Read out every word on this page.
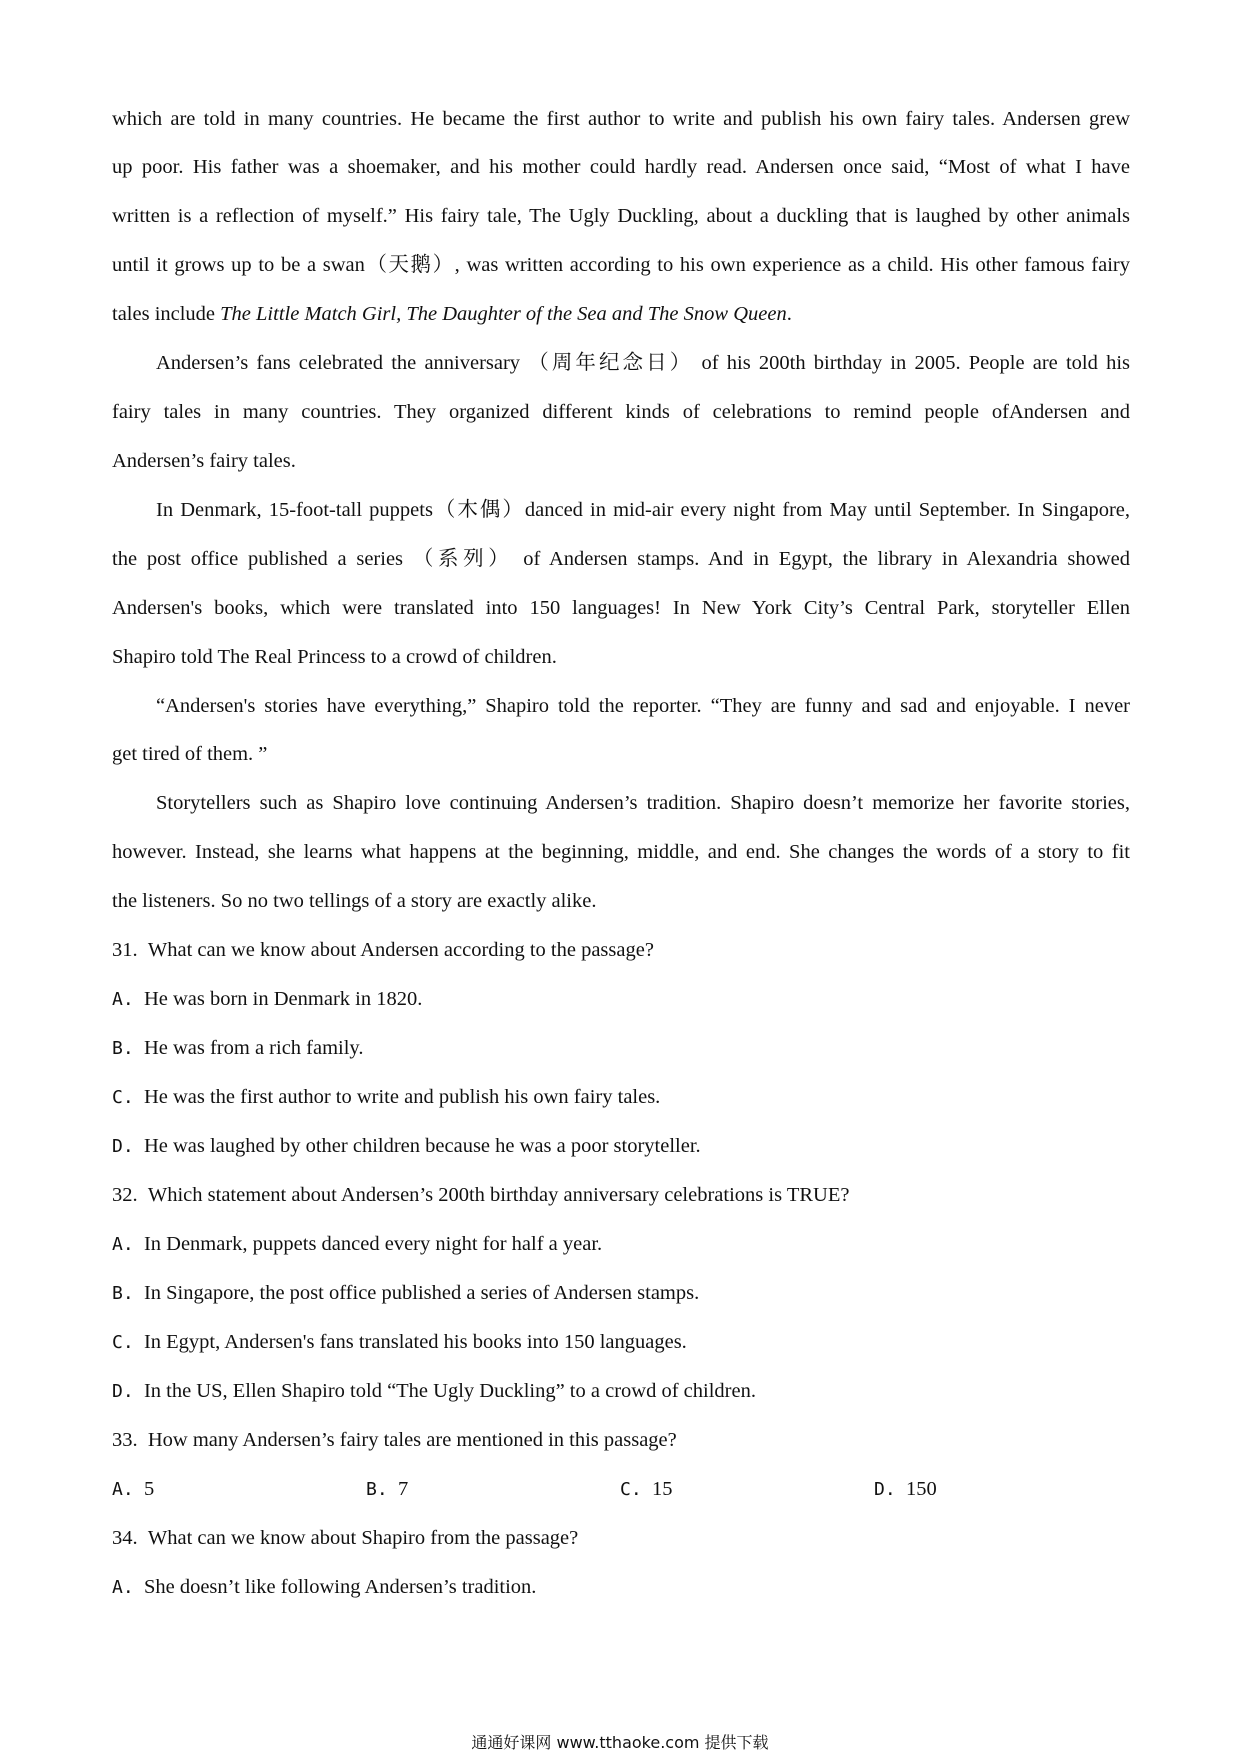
which are told in many countries. He became the first author to write and publish his own fairy tales. Andersen grew
up poor. His father was a shoemaker, and his mother could hardly read. Andersen once said, “Most of what I have
written is a reflection of myself.” His fairy tale, The Ugly Duckling, about a duckling that is laughed by other animals
until it grows up to be a swan（天鹅）, was written according to his own experience as a child. His other famous fairy
tales include The Little Match Girl, The Daughter of the Sea and The Snow Queen.
Andersen’s fans celebrated the anniversary （周年纪念日） of his 200th birthday in 2005. People are told his
fairy tales in many countries. They organized different kinds of celebrations to remind people ofAndersen and
Andersen’s fairy tales.
In Denmark, 15-foot-tall puppets（木偶）danced in mid-air every night from May until September. In Singapore,
the post office published a series （系列） of Andersen stamps. And in Egypt, the library in Alexandria showed
Andersen's books, which were translated into 150 languages! In New York City’s Central Park, storyteller Ellen
Shapiro told The Real Princess to a crowd of children.
“Andersen's stories have everything,” Shapiro told the reporter. “They are funny and sad and enjoyable. I never
get tired of them. ”
Storytellers such as Shapiro love continuing Andersen’s tradition. Shapiro doesn’t memorize her favorite stories,
however. Instead, she learns what happens at the beginning, middle, and end. She changes the words of a story to fit
the listeners. So no two tellings of a story are exactly alike.
31. What can we know about Andersen according to the passage?
A. He was born in Denmark in 1820.
B. He was from a rich family.
C. He was the first author to write and publish his own fairy tales.
D. He was laughed by other children because he was a poor storyteller.
32. Which statement about Andersen’s 200th birthday anniversary celebrations is TRUE?
A. In Denmark, puppets danced every night for half a year.
B. In Singapore, the post office published a series of Andersen stamps.
C. In Egypt, Andersen's fans translated his books into 150 languages.
D. In the US, Ellen Shapiro told “The Ugly Duckling” to a crowd of children.
33. How many Andersen’s fairy tales are mentioned in this passage?
A. 5	B. 7	C. 15	D. 150
34. What can we know about Shapiro from the passage?
A. She doesn’t like following Andersen’s tradition.
通通好课网 www.tthaoke.com 提供下载
